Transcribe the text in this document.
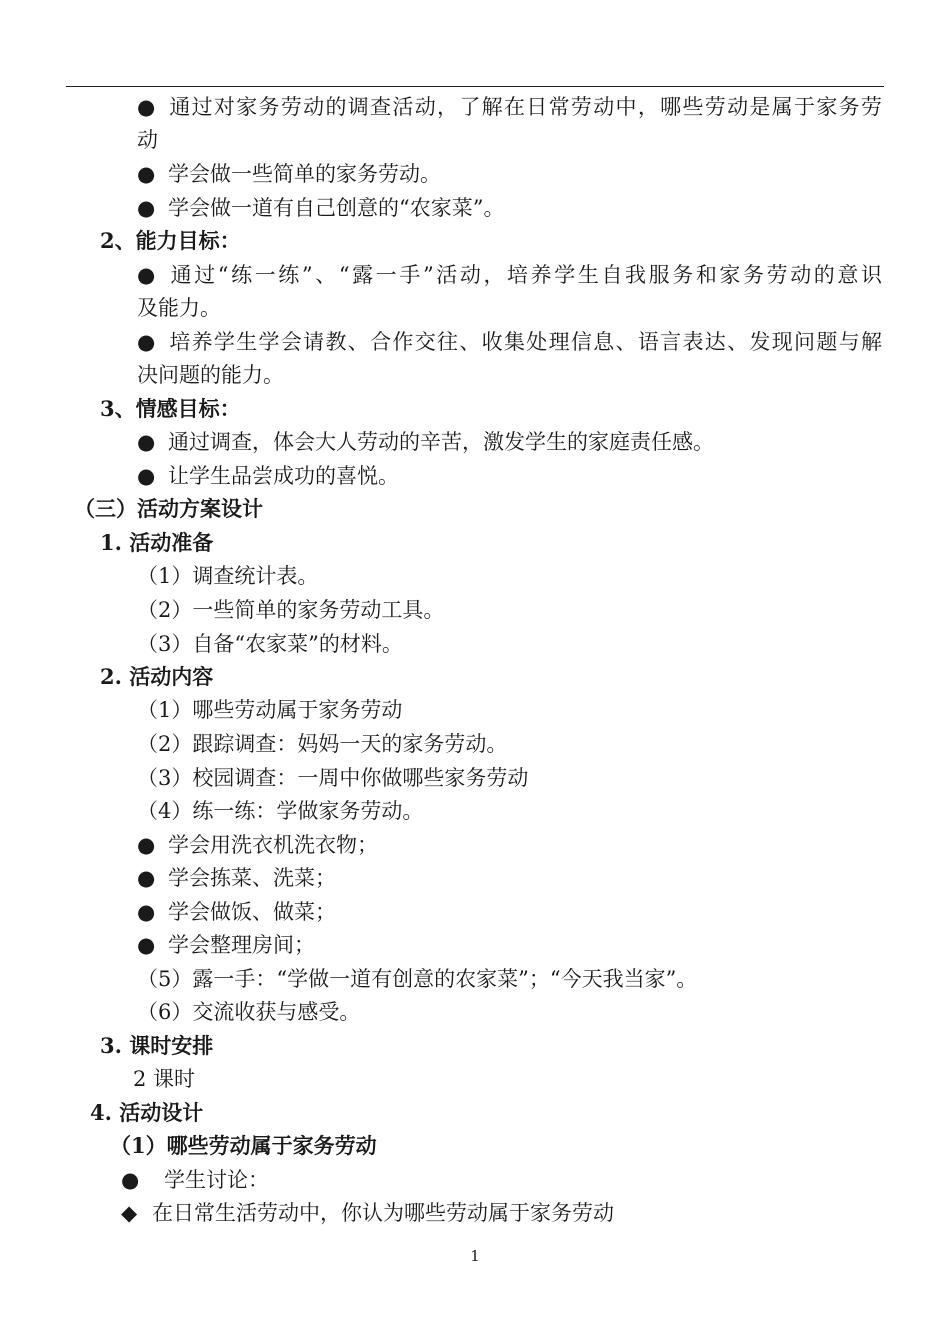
● 通过对家务劳动的调查活动，了解在日常劳动中，哪些劳动是属于家务劳
动
● 学会做一些简单的家务劳动。
● 学会做一道有自己创意的“农家菜”。
2、能力目标：
● 通过“练一练”、“露一手”活动，培养学生自我服务和家务劳动的意识
及能力。
● 培养学生学会请教、合作交往、收集处理信息、语言表达、发现问题与解
决问题的能力。
3、情感目标：
● 通过调查，体会大人劳动的辛苦，激发学生的家庭责任感。
● 让学生品尝成功的喜悦。
（三）活动方案设计
1. 活动准备
（1）调查统计表。
（2）一些简单的家务劳动工具。
（3）自备“农家菜”的材料。
2. 活动内容
（1）哪些劳动属于家务劳动
（2）跟踪调查：妈妈一天的家务劳动。
（3）校园调查：一周中你做哪些家务劳动
（4）练一练：学做家务劳动。
● 学会用洗衣机洗衣物；
● 学会拣菜、洗菜；
● 学会做饭、做菜；
● 学会整理房间；
（5）露一手：“学做一道有创意的农家菜”；“今天我当家”。
（6）交流收获与感受。
3. 课时安排
2 课时
4. 活动设计
（1）哪些劳动属于家务劳动
● 学生讨论：
◆ 在日常生活劳动中，你认为哪些劳动属于家务劳动
1
